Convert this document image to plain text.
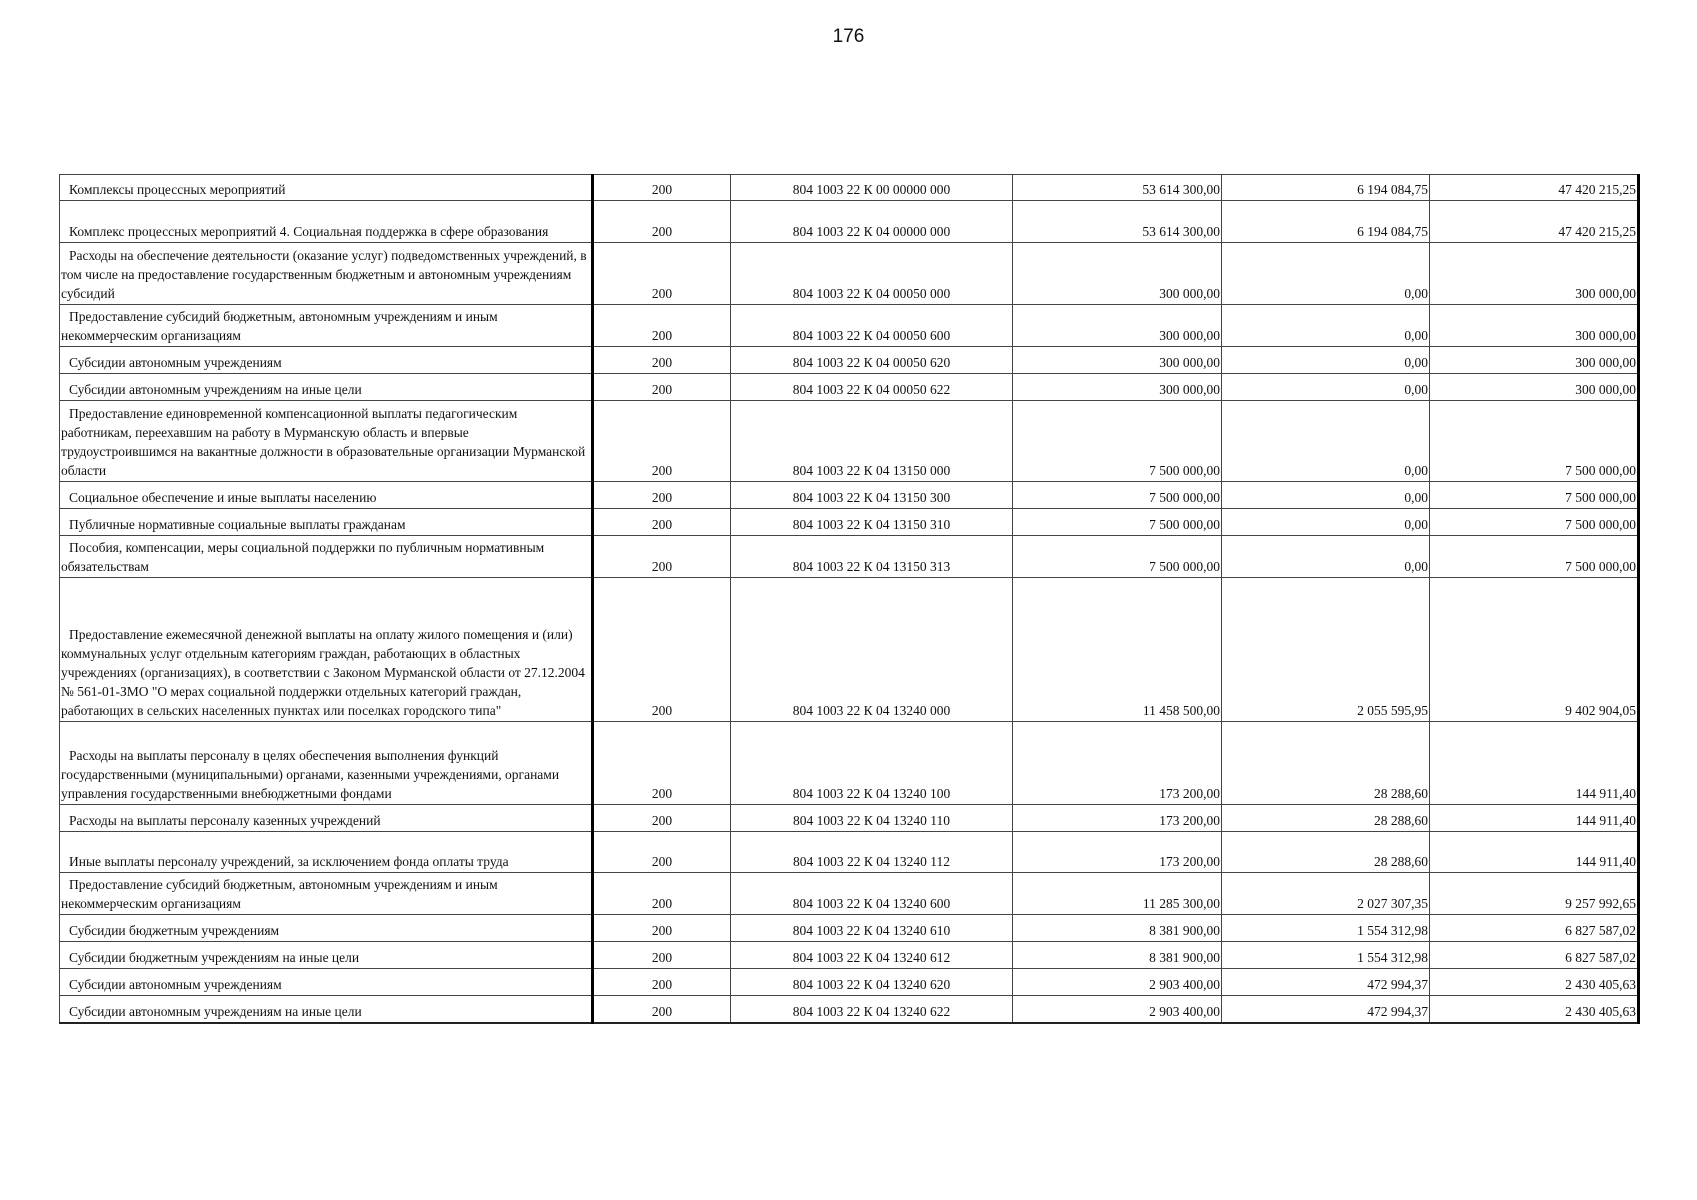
176
Комплексы процессных мероприятий	200	804 1003 22 К 00 00000 000	53 614 300,00	6 194 084,75	47 420 215,25
Комплекс процессных мероприятий 4. Социальная поддержка в сфере образования	200	804 1003 22 К 04 00000 000	53 614 300,00	6 194 084,75	47 420 215,25
Расходы на обеспечение деятельности (оказание услуг) подведомственных учреждений, в том числе на предоставление государственным бюджетным и автономным учреждениям субсидий	200	804 1003 22 К 04 00050 000	300 000,00	0,00	300 000,00
Предоставление субсидий бюджетным, автономным учреждениям и иным некоммерческим организациям	200	804 1003 22 К 04 00050 600	300 000,00	0,00	300 000,00
Субсидии автономным учреждениям	200	804 1003 22 К 04 00050 620	300 000,00	0,00	300 000,00
Субсидии автономным учреждениям на иные цели	200	804 1003 22 К 04 00050 622	300 000,00	0,00	300 000,00
Предоставление единовременной компенсационной выплаты педагогическим работникам, переехавшим на работу в Мурманскую область и впервые трудоустроившимся на вакантные должности в образовательные организации Мурманской области	200	804 1003 22 К 04 13150 000	7 500 000,00	0,00	7 500 000,00
Социальное обеспечение и иные выплаты населению	200	804 1003 22 К 04 13150 300	7 500 000,00	0,00	7 500 000,00
Публичные нормативные социальные выплаты гражданам	200	804 1003 22 К 04 13150 310	7 500 000,00	0,00	7 500 000,00
Пособия, компенсации, меры социальной поддержки по публичным нормативным обязательствам	200	804 1003 22 К 04 13150 313	7 500 000,00	0,00	7 500 000,00
Предоставление ежемесячной денежной выплаты на оплату жилого помещения и (или) коммунальных услуг отдельным категориям граждан, работающих в областных учреждениях (организациях), в соответствии с Законом Мурманской области от 27.12.2004 № 561-01-ЗМО "О мерах социальной поддержки отдельных категорий граждан, работающих в сельских населенных пунктах или поселках городского типа"	200	804 1003 22 К 04 13240 000	11 458 500,00	2 055 595,95	9 402 904,05
Расходы на выплаты персоналу в целях обеспечения выполнения функций государственными (муниципальными) органами, казенными учреждениями, органами управления государственными внебюджетными фондами	200	804 1003 22 К 04 13240 100	173 200,00	28 288,60	144 911,40
Расходы на выплаты персоналу казенных учреждений	200	804 1003 22 К 04 13240 110	173 200,00	28 288,60	144 911,40
Иные выплаты персоналу учреждений, за исключением фонда оплаты труда	200	804 1003 22 К 04 13240 112	173 200,00	28 288,60	144 911,40
Предоставление субсидий бюджетным, автономным учреждениям и иным некоммерческим организациям	200	804 1003 22 К 04 13240 600	11 285 300,00	2 027 307,35	9 257 992,65
Субсидии бюджетным учреждениям	200	804 1003 22 К 04 13240 610	8 381 900,00	1 554 312,98	6 827 587,02
Субсидии бюджетным учреждениям на иные цели	200	804 1003 22 К 04 13240 612	8 381 900,00	1 554 312,98	6 827 587,02
Субсидии автономным учреждениям	200	804 1003 22 К 04 13240 620	2 903 400,00	472 994,37	2 430 405,63
Субсидии автономным учреждениям на иные цели	200	804 1003 22 К 04 13240 622	2 903 400,00	472 994,37	2 430 405,63
